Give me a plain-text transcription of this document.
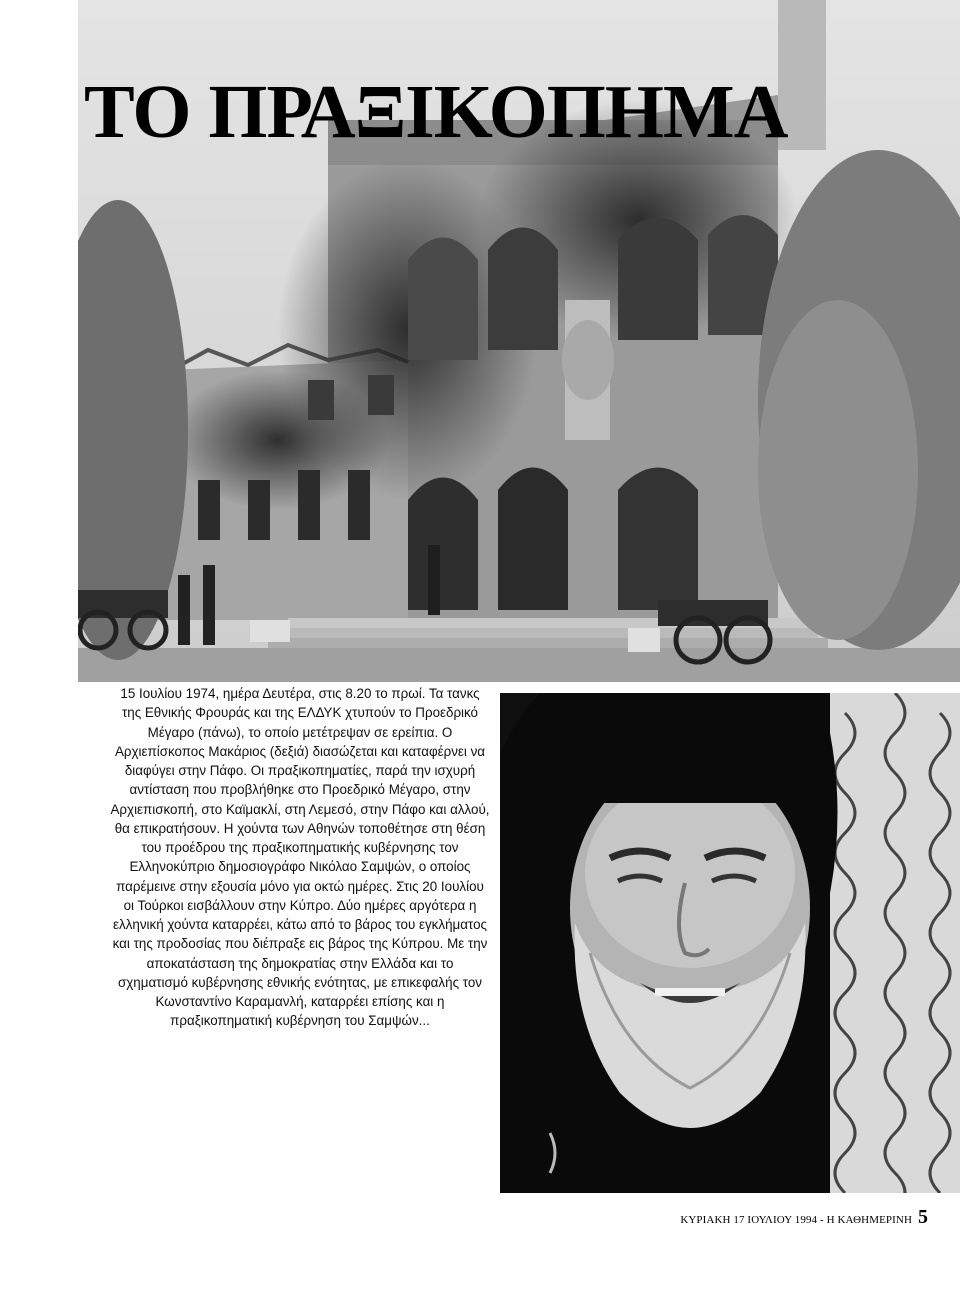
ΤΟ ΠΡΑΞΙΚΟΠΗΜΑ

15 Ιουλίου 1974, ημέρα Δευτέρα, στις 8.20 το πρωί. Τα τανκς της Εθνικής Φρουράς και της ΕΛΔΥΚ χτυπούν το Προεδρικό Μέγαρο (πάνω), το οποίο μετέτρεψαν σε ερείπια. Ο Αρχιεπίσκοπος Μακάριος (δεξιά) διασώζεται και καταφέρνει να διαφύγει στην Πάφο. Οι πραξικοπηματίες, παρά την ισχυρή αντίσταση που προβλήθηκε στο Προεδρικό Μέγαρο, στην Αρχιεπισκοπή, στο Καϊμακλί, στη Λεμεσό, στην Πάφο και αλλού, θα επικρατήσουν. Η χούντα των Αθηνών τοποθέτησε στη θέση του προέδρου της πραξικοπηματικής κυβέρνησης τον Ελληνοκύπριο δημοσιογράφο Νικόλαο Σαμψών, ο οποίος παρέμεινε στην εξουσία μόνο για οκτώ ημέρες. Στις 20 Ιουλίου οι Τούρκοι εισβάλλουν στην Κύπρο. Δύο ημέρες αργότερα η ελληνική χούντα καταρρέει, κάτω από το βάρος του εγκλήματος και της προδοσίας που διέπραξε εις βάρος της Κύπρου. Με την αποκατάσταση της δημοκρατίας στην Ελλάδα και το σχηματισμό κυβέρνησης εθνικής ενότητας, με επικεφαλής τον Κωνσταντίνο Καραμανλή, καταρρέει επίσης και η πραξικοπηματική κυβέρνηση του Σαμψών...

ΚΥΡΙΑΚΗ 17 ΙΟΥΛΙΟΥ 1994 - Η ΚΑΘΗΜΕΡΙΝΗ 5
